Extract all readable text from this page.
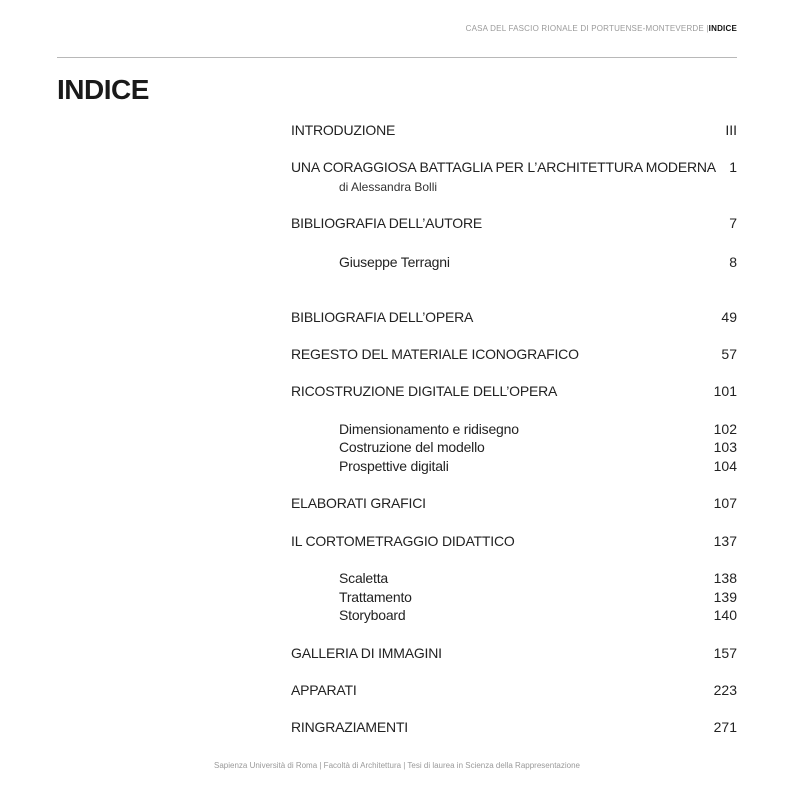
CASA DEL FASCIO RIONALE DI PORTUENSE-MONTEVERDE |INDICE
INDICE
INTRODUZIONE	III
UNA CORAGGIOSA BATTAGLIA PER L’ARCHITETTURA MODERNA 1
di Alessandra Bolli
BIBLIOGRAFIA DELL’AUTORE	7
Giuseppe Terragni	8
BIBLIOGRAFIA DELL’OPERA	49
REGESTO DEL MATERIALE ICONOGRAFICO	57
RICOSTRUZIONE DIGITALE DELL’OPERA	101
Dimensionamento e ridisegno	102
Costruzione del modello	103
Prospettive digitali	104
ELABORATI GRAFICI	107
IL CORTOMETRAGGIO DIDATTICO	137
Scaletta	138
Trattamento	139
Storyboard	140
GALLERIA DI IMMAGINI	157
APPARATI	223
RINGRAZIAMENTI	271
Sapienza Università di Roma | Facoltà di Architettura | Tesi di laurea in Scienza della Rappresentazione
